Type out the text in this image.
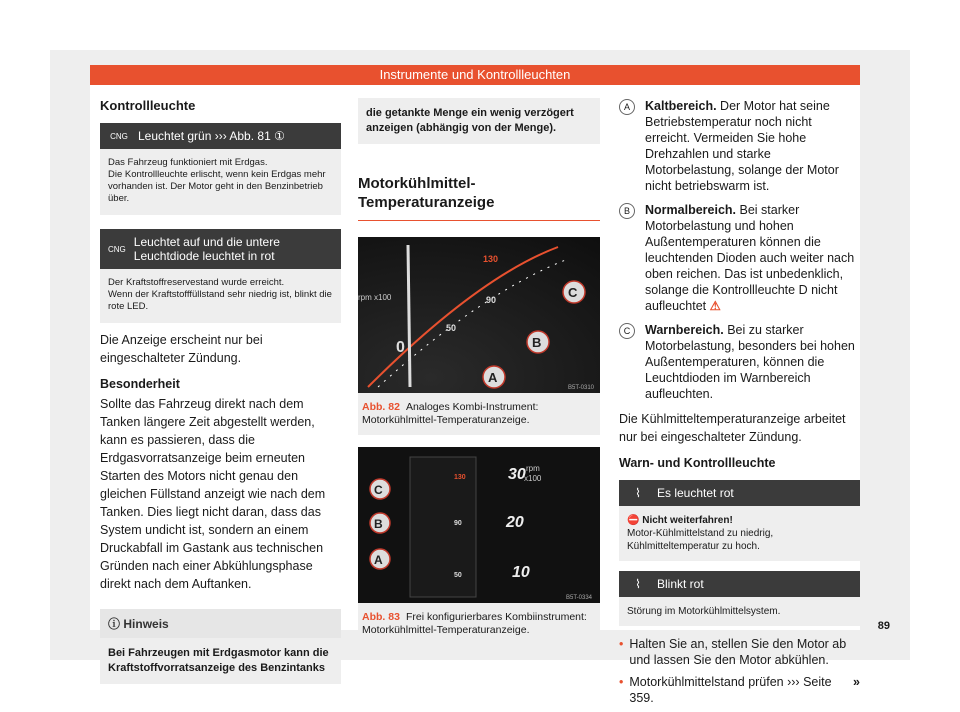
Instrumente und Kontrollleuchten
Kontrollleuchte
CNG Leuchtet grün ››› Abb. 81 ①
Das Fahrzeug funktioniert mit Erdgas.
Die Kontrollleuchte erlischt, wenn kein Erdgas mehr vorhanden ist. Der Motor geht in den Benzinbetrieb über.
CNG Leuchtet auf und die untere Leuchtdiode leuchtet in rot
Der Kraftstoffreservestand wurde erreicht.
Wenn der Kraftstofffüllstand sehr niedrig ist, blinkt die rote LED.

Die Anzeige erscheint nur bei eingeschalteter Zündung.

Besonderheit

Sollte das Fahrzeug direkt nach dem Tanken längere Zeit abgestellt werden, kann es passieren, dass die Erdgasvorratsanzeige beim erneuten Starten des Motors nicht genau den gleichen Füllstand anzeigt wie nach dem Tanken. Dies liegt nicht daran, dass das System undicht ist, sondern an einem Druckabfall im Gastank aus technischen Gründen nach einer Abkühlungsphase direkt nach dem Auftanken.

ⓘ Hinweis
Bei Fahrzeugen mit Erdgasmotor kann die Kraftstoffvorratsanzeige des Benzintanks
die getankte Menge ein wenig verzögert anzeigen (abhängig von der Menge).
Motorkühlmittel-Temperaturanzeige
rpm x100
0
130
90
50
C
B
A
B5T-0310
Abb. 82 Analoges Kombi-Instrument: Motorkühlmittel-Temperaturanzeige.
130
90
50
rpm
x100
30
20
10
C
B
A
B5T-0334
Abb. 83 Frei konfigurierbares Kombiinstrument: Motorkühlmittel-Temperaturanzeige.
A	Kaltbereich. Der Motor hat seine Betriebstemperatur noch nicht erreicht. Vermeiden Sie hohe Drehzahlen und starke Motorbelastung, solange der Motor nicht betriebswarm ist.
B	Normalbereich. Bei starker Motorbelastung und hohen Außentemperaturen können die leuchtenden Dioden auch weiter nach oben reichen. Das ist unbedenklich, solange die Kontrollleuchte D nicht aufleuchtet ⚠
C	Warnbereich. Bei zu starker Motorbelastung, besonders bei hohen Außentemperaturen, können die Leuchtdioden im Warnbereich aufleuchten.

Die Kühlmitteltemperaturanzeige arbeitet nur bei eingeschalteter Zündung.

Warn- und Kontrollleuchte
⌇	Es leuchtet rot
⛔ Nicht weiterfahren!
Motor-Kühlmittelstand zu niedrig, Kühlmitteltemperatur zu hoch.
⌇	Blinkt rot
Störung im Motorkühlmittelsystem.
• Halten Sie an, stellen Sie den Motor ab und lassen Sie den Motor abkühlen.
• Motorkühlmittelstand prüfen ››› Seite 359.
»
89
